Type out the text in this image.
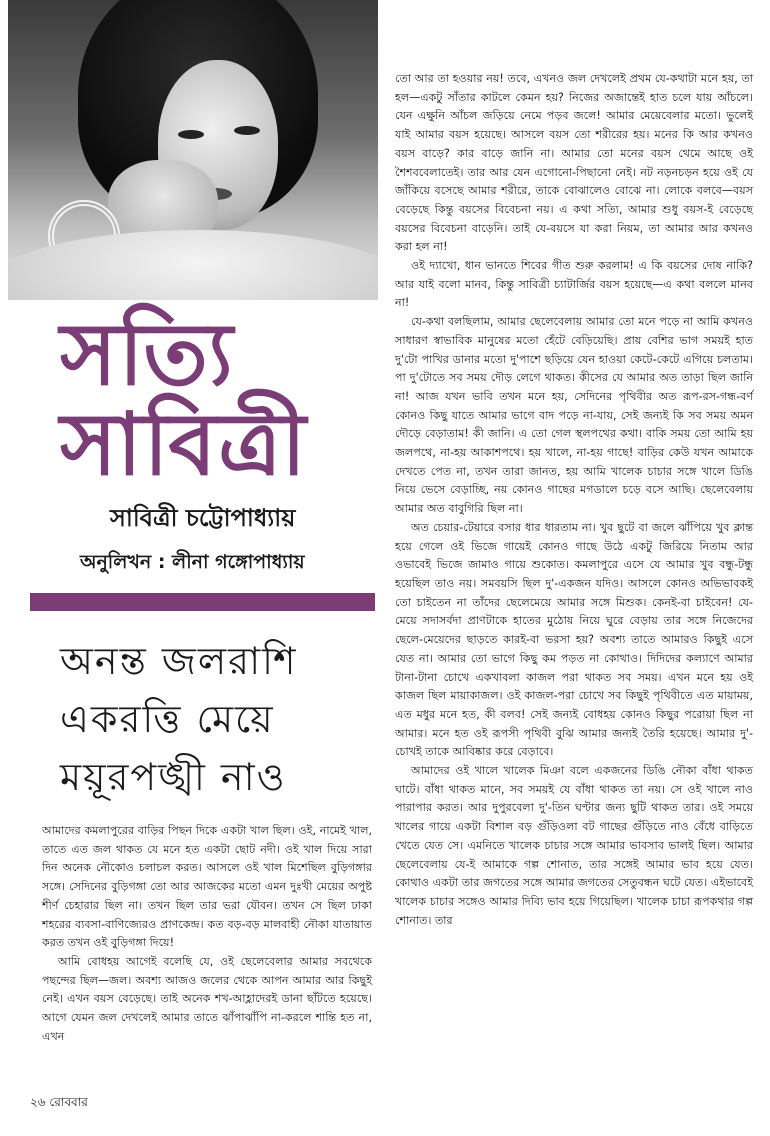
সত্যি
সাবিত্রী
সাবিত্রী চট্টোপাধ্যায়
অনুলিখন : লীনা গঙ্গোপাধ্যায়
অনন্ত জলরাশি
একরত্তি মেয়ে
ময়ূরপঙ্খী নাও

আমাদের কমলাপুরের বাড়ির পিছন দিকে একটা খাল ছিল। ওই, নামেই খাল, তাতে এত জল থাকত যে মনে হত একটা ছোট নদী। ওই খাল দিয়ে সারা দিন অনেক নৌকোও চলাচল করত। আসলে ওই খাল মিশেছিল বুড়িগঙ্গার সঙ্গে। সেদিনের বুড়িগঙ্গা তো আর আজকের মতো এমন দুঃখী মেয়ের অপুষ্ট শীর্ণ চেহারার ছিল না। তখন ছিল তার ভরা যৌবন। তখন সে ছিল ঢাকা শহরের ব্যবসা-বাণিজ্যেরও প্রাণকেন্দ্র। কত বড়-বড় মালবাহী নৌকা যাতায়াত করত তখন ওই বুড়িগঙ্গা দিয়ে!

আমি বোধহয় আগেই বলেছি যে, ওই ছেলেবেলার আমার সবথেকে পছন্দের ছিল—জল। অবশ্য আজও জলের থেকে আপন আমার আর কিছুই নেই। এখন বয়স বেড়েছে। তাই অনেক শখ-আহ্লাদেরই ডানা ছাঁটতে হয়েছে। আগে যেমন জল দেখলেই আমার তাতে ঝাঁপাঝাঁপি না-করলে শান্তি হত না, এখন

তো আর তা হওয়ার নয়! তবে, এখনও জল দেখলেই প্রথম যে-কথাটা মনে হয়, তা হল—একটু সাঁতার কাটলে কেমন হয়? নিজের অজান্তেই হাত চলে যায় আঁচলে। যেন এক্ষুনি আঁচল জড়িয়ে নেমে পড়ব জলে! আমার মেয়েবেলার মতো। ভুলেই যাই আমার বয়স হয়েছে। আসলে বয়স তো শরীরের হয়। মনের কি আর কখনও বয়স বাড়ে? কার বাড়ে জানি না। আমার তো মনের বয়স থেমে আছে ওই শৈশববেলাতেই। তার আর যেন এগোনো-পিছানো নেই। নট নড়নচড়ন হয়ে ওই যে জাঁকিয়ে বসেছে আমার শরীরে, তাকে বোঝালেও বোঝে না। লোকে বলবে—বয়স বেড়েছে কিন্তু বয়সের বিবেচনা নয়। এ কথা সত্যি, আমার শুধু বয়স-ই বেড়েছে বয়সের বিবেচনা বাড়েনি। তাই যে-বয়সে যা করা নিয়ম, তা আমার আর কখনও করা হল না!

ওই দ্যাখো, ধান ভানতে শিবের গীত শুরু করলাম! এ কি বয়সের দোষ নাকি? আর যাই বলো মানব, কিন্তু সাবিত্রী চ্যাটার্জির বয়স হয়েছে—এ কথা বললে মানব না!

যে-কথা বলছিলাম, আমার ছেলেবেলায় আমার তো মনে পড়ে না আমি কখনও সাধারণ স্বাভাবিক মানুষের মতো হেঁটে বেড়িয়েছি। প্রায় বেশির ভাগ সময়ই হাত দু'টো পাখির ডানার মতো দু'পাশে ছড়িয়ে যেন হাওয়া কেটে-কেটে এগিয়ে চলতাম। পা দু'টোতে সব সময় দৌড় লেগে থাকত। কীসের যে আমার অত তাড়া ছিল জানি না! আজ যখন ভাবি তখন মনে হয়, সেদিনের পৃথিবীর অত রূপ-রস-গন্ধ-বর্ণ কোনও কিছু যাতে আমার ভাগে বাদ পড়ে না-যায়, সেই জন্যই কি সব সময় অমন দৌড়ে বেড়াতাম! কী জানি। এ তো গেল স্থলপথের কথা। বাকি সময় তো আমি হয় জলপথে, না-হয় আকাশপথে। হয় খালে, না-হয় গাছে! বাড়ির কেউ যখন আমাকে দেখতে পেত না, তখন তারা জানত, হয় আমি খালেক চাচার সঙ্গে খালে ডিঙি নিয়ে ভেসে বেড়াচ্ছি, নয় কোনও গাছের মগডালে চড়ে বসে আছি। ছেলেবেলায় আমার অত বাবুগিরি ছিল না।

অত চেয়ার-টেয়ারে বসার ধার ধারতাম না। খুব ছুটে বা জলে ঝাঁপিয়ে খুব ক্লান্ত হয়ে গেলে ওই ভিজে গায়েই কোনও গাছে উঠে একটু জিরিয়ে নিতাম আর ওভাবেই ভিজে জামাও গায়ে শুকোত। কমলাপুরে এসে যে আমার খুব বন্ধু-টন্ধু হয়েছিল তাও নয়। সমবয়সি ছিল দু'-একজন যদিও। আসলে কোনও অভিভাবকই তো চাইতেন না তাঁদের ছেলেমেয়ে আমার সঙ্গে মিশুক। কেনই-বা চাইবেন! যে-মেয়ে সদাসর্বদা প্রাণটাকে হাতের মুঠোয় নিয়ে ঘুরে বেড়ায় তার সঙ্গে নিজেদের ছেলে-মেয়েদের ছাড়তে কারই-বা ভরসা হয়? অবশ্য তাতে আমারও কিছুই এসে যেত না। আমার তো ভাগে কিছু কম পড়ত না কোথাও। দিদিদের কল্যাণে আমার টানা-টানা চোখে একখাবলা কাজল পরা থাকত সব সময়। এখন মনে হয় ওই কাজল ছিল মায়াকাজল। ওই কাজল-পরা চোখে সব কিছুই পৃথিবীতে এত মায়াময়, এত মধুর মনে হত, কী বলব! সেই জন্যই বোধহয় কোনও কিছুর পরোয়া ছিল না আমার। মনে হত ওই রূপসী পৃথিবী বুঝি আমার জন্যই তৈরি হয়েছে। আমার দু'-চোখই তাকে আবিষ্কার করে বেড়াবে।

আমাদের ওই খালে খালেক মিঞা বলে একজনের ডিঙি নৌকা বাঁধা থাকত ঘাটে। বাঁধা থাকত মানে, সব সময়ই যে বাঁধা থাকত তা নয়। সে ওই খালে নাও পারাপার করত। আর দুপুরবেলা দু'-তিন ঘণ্টার জন্য ছুটি থাকত তার। ওই সময়ে খালের গায়ে একটা বিশাল বড় গুঁড়িওলা বট গাছের গুঁড়িতে নাও বেঁধে বাড়িতে খেতে যেত সে। এমনিতে খালেক চাচার সঙ্গে আমার ভাবসাব ভালই ছিল। আমার ছেলেবেলায় যে-ই আমাকে গল্প শোনাত, তার সঙ্গেই আমার ভাব হয়ে যেত। কোথাও একটা তার জগতের সঙ্গে আমার জগতের সেতুবন্ধন ঘটে যেত। এইভাবেই খালেক চাচার সঙ্গেও আমার দিব্যি ভাব হয়ে গিয়েছিল। খালেক চাচা রূপকথার গল্প শোনাত। তার

২৬ রোববার
